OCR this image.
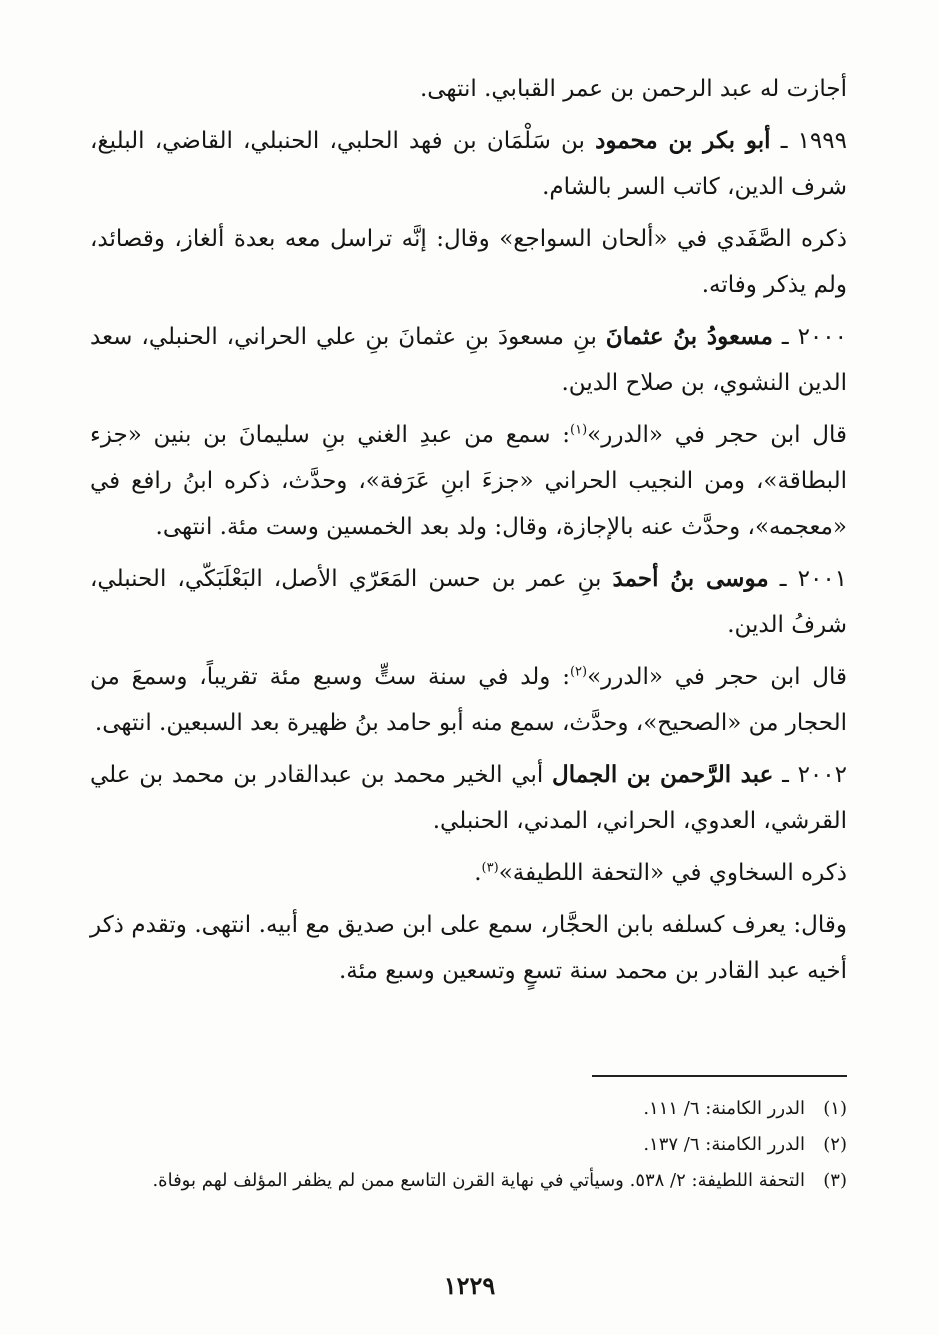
أجازت له عبد الرحمن بن عمر القبابي. انتهى.

١٩٩٩ ـ أبو بكر بن محمود بن سَلْمَان بن فهد الحلبي، الحنبلي، القاضي، البليغ، شرف الدين، كاتب السر بالشام.

ذكره الصَّفَدي في «ألحان السواجع» وقال: إنَّه تراسل معه بعدة ألغاز، وقصائد، ولم يذكر وفاته.

٢٠٠٠ ـ مسعودُ بنُ عثمانَ بنِ مسعودَ بنِ عثمانَ بنِ علي الحراني، الحنبلي، سعد الدين النشوي، بن صلاح الدين.

قال ابن حجر في «الدرر»$^{(١)}$: سمع من عبدِ الغني بنِ سليمانَ بن بنين «جزء البطاقة»، ومن النجيب الحراني «جزءَ ابنِ عَرَفة»، وحدَّث، ذكره ابنُ رافع في «معجمه»، وحدَّث عنه بالإجازة، وقال: ولد بعد الخمسين وست مئة. انتهى.

٢٠٠١ ـ موسى بنُ أحمدَ بنِ عمر بن حسن المَعَرّي الأصل، البَعْلَبَكّي، الحنبلي، شرفُ الدين.

قال ابن حجر في «الدرر»$^{(٢)}$: ولد في سنة ستٍّ وسبع مئة تقريباً، وسمعَ من الحجار من «الصحيح»، وحدَّث، سمع منه أبو حامد بنُ ظهيرة بعد السبعين. انتهى.

٢٠٠٢ ـ عبد الرَّحمن بن الجمال أبي الخير محمد بن عبدالقادر بن محمد بن علي القرشي، العدوي، الحراني، المدني، الحنبلي.

ذكره السخاوي في «التحفة اللطيفة»$^{(٣)}$.

وقال: يعرف كسلفه بابن الحجَّار، سمع على ابن صديق مع أبيه. انتهى. وتقدم ذكر أخيه عبد القادر بن محمد سنة تسعٍ وتسعين وسبع مئة.

(١)
الدرر الكامنة: ٦/ ١١١.
(٢)
الدرر الكامنة: ٦/ ١٣٧.
(٣)
التحفة اللطيفة: ٢/ ٥٣٨. وسيأتي في نهاية القرن التاسع ممن لم يظفر المؤلف لهم بوفاة.
١٢٢٩
